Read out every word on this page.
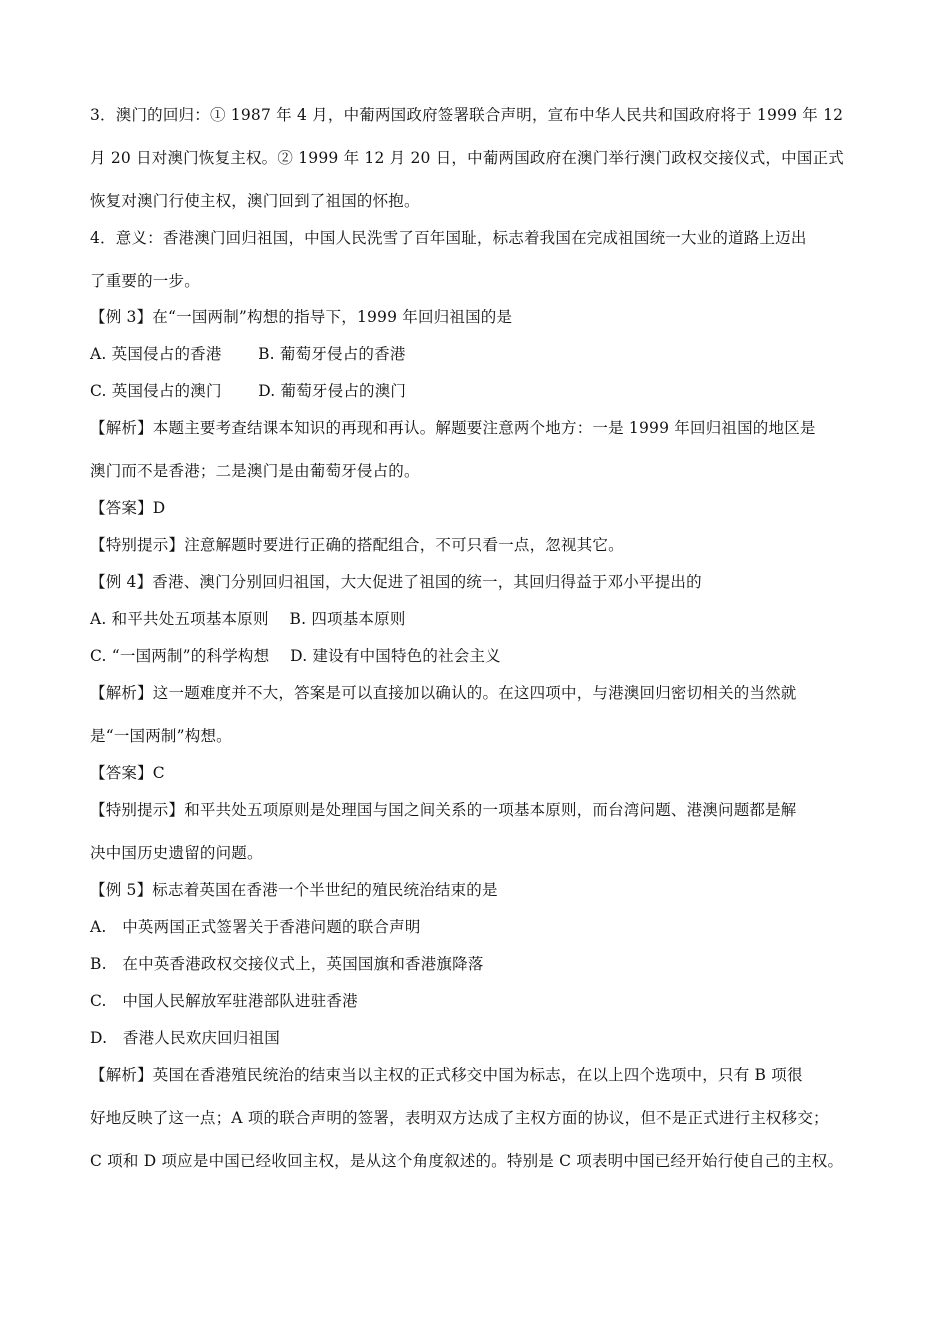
3．澳门的回归：① 1987 年 4 月，中葡两国政府签署联合声明，宣布中华人民共和国政府将于 1999 年 12
月 20 日对澳门恢复主权。② 1999 年 12 月 20 日，中葡两国政府在澳门举行澳门政权交接仪式，中国正式
恢复对澳门行使主权，澳门回到了祖国的怀抱。
4．意义：香港澳门回归祖国，中国人民洗雪了百年国耻，标志着我国在完成祖国统一大业的道路上迈出
了重要的一步。
【例 3】在“一国两制”构想的指导下，1999 年回归祖国的是
A. 英国侵占的香港　　 B. 葡萄牙侵占的香港
C. 英国侵占的澳门　　 D. 葡萄牙侵占的澳门
【解析】本题主要考查结课本知识的再现和再认。解题要注意两个地方：一是 1999 年回归祖国的地区是
澳门而不是香港；二是澳门是由葡萄牙侵占的。
【答案】D
【特别提示】注意解题时要进行正确的搭配组合，不可只看一点，忽视其它。
【例 4】香港、澳门分别回归祖国，大大促进了祖国的统一，其回归得益于邓小平提出的
A. 和平共处五项基本原则　 B. 四项基本原则
C. “一国两制”的科学构想　 D. 建设有中国特色的社会主义
【解析】这一题难度并不大，答案是可以直接加以确认的。在这四项中，与港澳回归密切相关的当然就
是“一国两制”构想。
【答案】C
【特别提示】和平共处五项原则是处理国与国之间关系的一项基本原则，而台湾问题、港澳问题都是解
决中国历史遗留的问题。
【例 5】标志着英国在香港一个半世纪的殖民统治结束的是
A.　中英两国正式签署关于香港问题的联合声明
B.　在中英香港政权交接仪式上，英国国旗和香港旗降落
C.　中国人民解放军驻港部队进驻香港
D.　香港人民欢庆回归祖国
【解析】英国在香港殖民统治的结束当以主权的正式移交中国为标志，在以上四个选项中，只有 B 项很
好地反映了这一点；A 项的联合声明的签署，表明双方达成了主权方面的协议，但不是正式进行主权移交；
C 项和 D 项应是中国已经收回主权，是从这个角度叙述的。特别是 C 项表明中国已经开始行使自己的主权。
